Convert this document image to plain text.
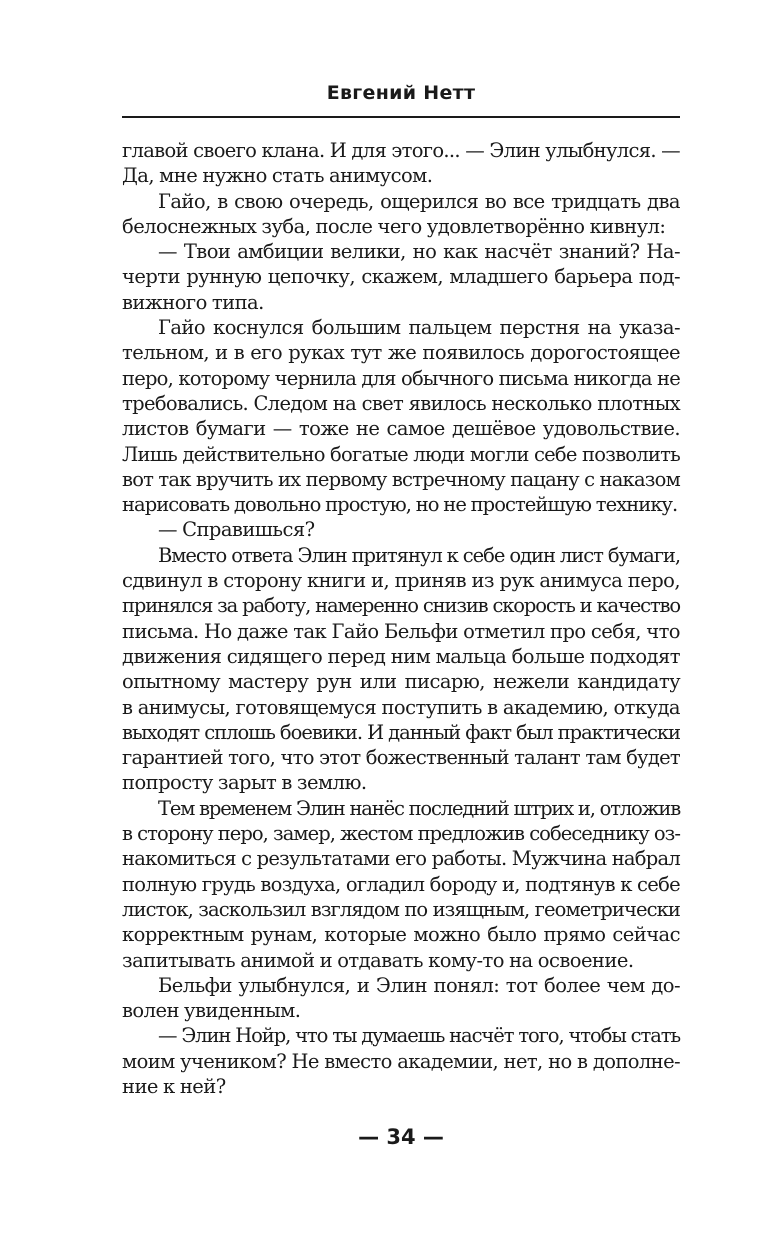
Евгений Нетт
главой своего клана. И для этого... — Элин улыбнулся. —
Да, мне нужно стать анимусом.
Гайо, в свою очередь, ощерился во все тридцать два
белоснежных зуба, после чего удовлетворённо кивнул:
— Твои амбиции велики, но как насчёт знаний? На-
черти рунную цепочку, скажем, младшего барьера под-
вижного типа.
Гайо коснулся большим пальцем перстня на указа-
тельном, и в его руках тут же появилось дорогостоящее
перо, которому чернила для обычного письма никогда не
требовались. Следом на свет явилось несколько плотных
листов бумаги — тоже не самое дешёвое удовольствие.
Лишь действительно богатые люди могли себе позволить
вот так вручить их первому встречному пацану с наказом
нарисовать довольно простую, но не простейшую технику.
— Справишься?
Вместо ответа Элин притянул к себе один лист бумаги,
сдвинул в сторону книги и, приняв из рук анимуса перо,
принялся за работу, намеренно снизив скорость и качество
письма. Но даже так Гайо Бельфи отметил про себя, что
движения сидящего перед ним мальца больше подходят
опытному мастеру рун или писарю, нежели кандидату
в анимусы, готовящемуся поступить в академию, откуда
выходят сплошь боевики. И данный факт был практически
гарантией того, что этот божественный талант там будет
попросту зарыт в землю.
Тем временем Элин нанёс последний штрих и, отложив
в сторону перо, замер, жестом предложив собеседнику оз-
накомиться с результатами его работы. Мужчина набрал
полную грудь воздуха, огладил бороду и, подтянув к себе
листок, заскользил взглядом по изящным, геометрически
корректным рунам, которые можно было прямо сейчас
запитывать анимой и отдавать кому-то на освоение.
Бельфи улыбнулся, и Элин понял: тот более чем до-
волен увиденным.
— Элин Нойр, что ты думаешь насчёт того, чтобы стать
моим учеником? Не вместо академии, нет, но в дополне-
ние к ней?
— 34 —
